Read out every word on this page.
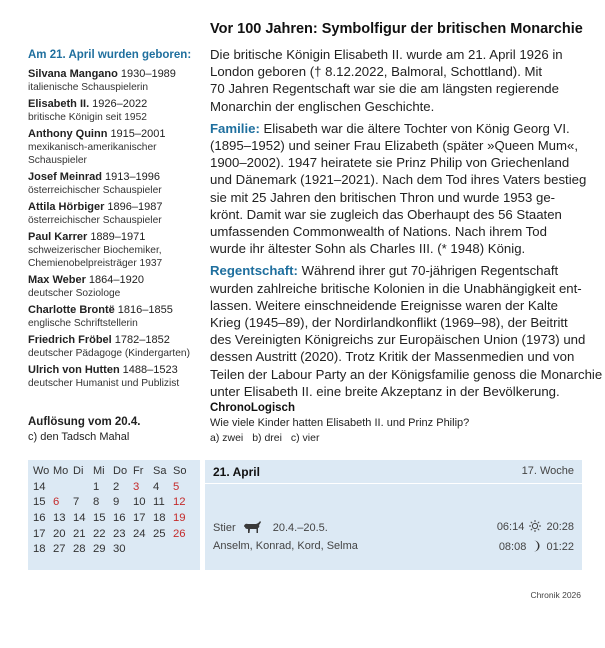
Am 21. April wurden geboren:
Silvana Mangano 1930–1989
italienische Schauspielerin
Elisabeth II. 1926–2022
britische Königin seit 1952
Anthony Quinn 1915–2001
mexikanisch-amerikanischer
Schauspieler
Josef Meinrad 1913–1996
österreichischer Schauspieler
Attila Hörbiger 1896–1987
österreichischer Schauspieler
Paul Karrer 1889–1971
schweizerischer Biochemiker,
Chemienobelpreisträger 1937
Max Weber 1864–1920
deutscher Soziologe
Charlotte Brontë 1816–1855
englische Schriftstellerin
Friedrich Fröbel 1782–1852
deutscher Pädagoge (Kindergarten)
Ulrich von Hutten 1488–1523
deutscher Humanist und Publizist
Vor 100 Jahren: Symbolfigur der britischen Monarchie
Die britische Königin Elisabeth II. wurde am 21. April 1926 in
London geboren († 8.12.2022, Balmoral, Schottland). Mit
70 Jahren Regentschaft war sie die am längsten regierende
Monarchin der englischen Geschichte.
Familie: Elisabeth war die ältere Tochter von König Georg VI.
(1895–1952) und seiner Frau Elizabeth (später »Queen Mum«,
1900–2002). 1947 heiratete sie Prinz Philip von Griechenland
und Dänemark (1921–2021). Nach dem Tod ihres Vaters bestieg
sie mit 25 Jahren den britischen Thron und wurde 1953 ge-
krönt. Damit war sie zugleich das Oberhaupt des 56 Staaten
umfassenden Commonwealth of Nations. Nach ihrem Tod
wurde ihr ältester Sohn als Charles III. (* 1948) König.
Regentschaft: Während ihrer gut 70-jährigen Regentschaft
wurden zahlreiche britische Kolonien in die Unabhängigkeit ent-
lassen. Weitere einschneidende Ereignisse waren der Kalte
Krieg (1945–89), der Nordirlandkonflikt (1969–98), der Beitritt
des Vereinigten Königreichs zur Europäischen Union (1973) und
dessen Austritt (2020). Trotz Kritik der Massenmedien und von
Teilen der Labour Party an der Königsfamilie genoss die Monarchie
unter Elisabeth II. eine breite Akzeptanz in der Bevölkerung.
Auflösung vom 20.4.
c) den Tadsch Mahal
ChronoLogisch
Wie viele Kinder hatten Elisabeth II. und Prinz Philip?
a) zwei b) drei c) vier
Wo	Mo	Di	Mi	Do	Fr	Sa	So
14			1	2	3	4	5
15	6	7	8	9	10	11	12
16	13	14	15	16	17	18	19
17	20	21	22	23	24	25	26
18	27	28	29	30			
21. April	17. Woche
Stier	20.4.–20.5.
Anselm, Konrad, Kord, Selma
06:14 20:28
08:08 01:22
Chronik 2026
